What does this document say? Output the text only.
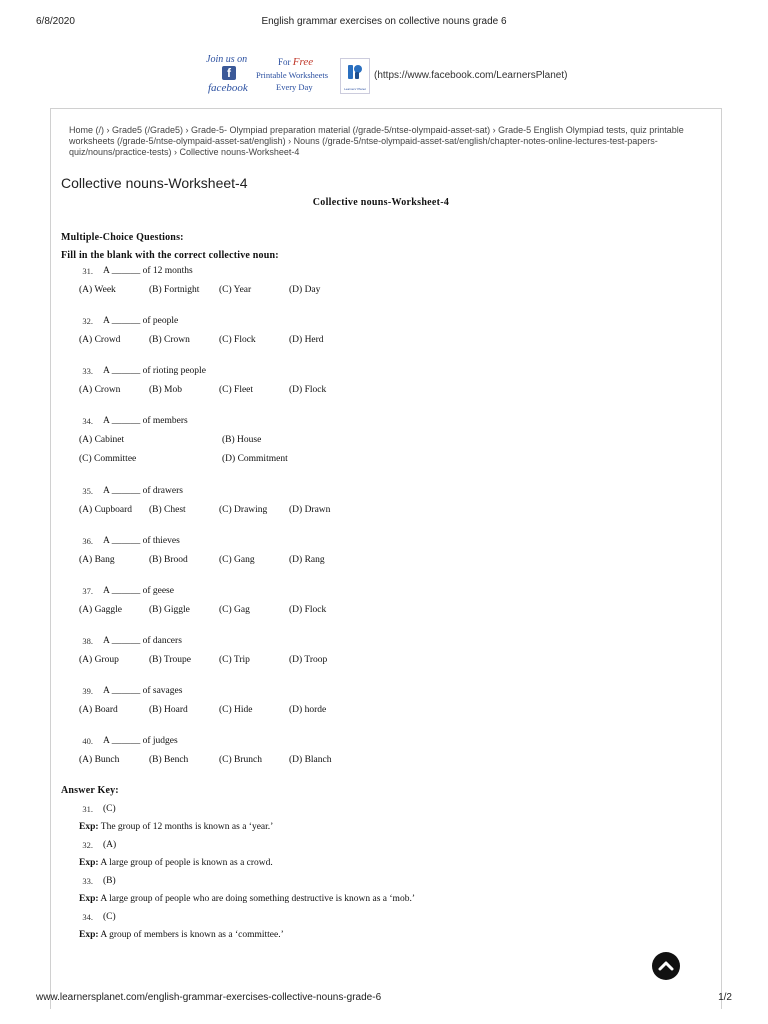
6/8/2020	English grammar exercises on collective nouns grade 6
Join us on
f
facebook
For Free
Printable Worksheets
Every Day	Learners' Planet
(https://www.facebook.com/LearnersPlanet)
Home (/) › Grade5 (/Grade5) › Grade-5- Olympiad preparation material (/grade-5/ntse-olympaid-asset-sat) › Grade-5 English Olympiad tests, quiz printable worksheets (/grade-5/ntse-olympaid-asset-sat/english) › Nouns (/grade-5/ntse-olympaid-asset-sat/english/chapter-notes-online-lectures-test-papers-quiz/nouns/practice-tests) › Collective nouns-Worksheet-4
Collective nouns-Worksheet-4
Collective nouns-Worksheet-4
Multiple-Choice Questions:
Fill in the blank with the correct collective noun:
31.	A ______ of 12 months
(A) Week	(B) Fortnight	(C) Year	(D) Day
32.	A ______ of people
(A) Crowd	(B) Crown	(C) Flock	(D) Herd
33.	A ______ of rioting people
(A) Crown	(B) Mob	(C) Fleet	(D) Flock
34.	A ______ of members
(A) Cabinet	(B) House
(C) Committee	(D) Commitment
35.	A ______ of drawers
(A) Cupboard	(B) Chest	(C) Drawing	(D) Drawn
36.	A ______ of thieves
(A) Bang	(B) Brood	(C) Gang	(D) Rang
37.	A ______ of geese
(A) Gaggle	(B) Giggle	(C) Gag	(D) Flock
38.	A ______ of dancers
(A) Group	(B) Troupe	(C) Trip	(D) Troop
39.	A ______ of savages
(A) Board	(B) Hoard	(C) Hide	(D) horde
40.	A ______ of judges
(A) Bunch	(B) Bench	(C) Brunch	(D) Blanch
Answer Key:
31.	(C)
Exp: The group of 12 months is known as a ‘year.’
32.	(A)
Exp: A large group of people is known as a crowd.
33.	(B)
Exp: A large group of people who are doing something destructive is known as a ‘mob.’
34.	(C)
Exp: A group of members is known as a ‘committee.’
www.learnersplanet.com/english-grammar-exercises-collective-nouns-grade-6	1/2
